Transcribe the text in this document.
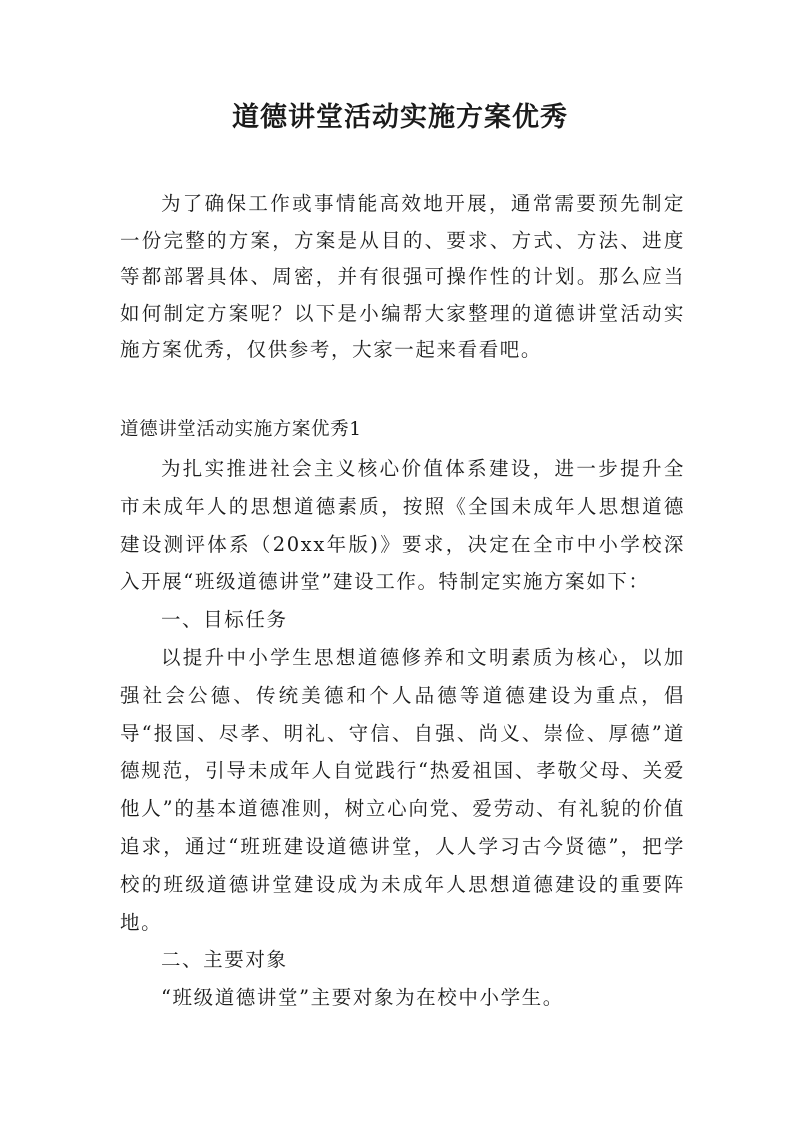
道德讲堂活动实施方案优秀

为了确保工作或事情能高效地开展，通常需要预先制定一份完整的方案，方案是从目的、要求、方式、方法、进度等都部署具体、周密，并有很强可操作性的计划。那么应当如何制定方案呢？以下是小编帮大家整理的道德讲堂活动实施方案优秀，仅供参考，大家一起来看看吧。

道德讲堂活动实施方案优秀1

为扎实推进社会主义核心价值体系建设，进一步提升全市未成年人的思想道德素质，按照《全国未成年人思想道德建设测评体系（20xx年版)》要求，决定在全市中小学校深入开展“班级道德讲堂”建设工作。特制定实施方案如下：

一、目标任务

以提升中小学生思想道德修养和文明素质为核心，以加强社会公德、传统美德和个人品德等道德建设为重点，倡导“报国、尽孝、明礼、守信、自强、尚义、崇俭、厚德”道德规范，引导未成年人自觉践行“热爱祖国、孝敬父母、关爱他人”的基本道德准则，树立心向党、爱劳动、有礼貌的价值追求，通过“班班建设道德讲堂，人人学习古今贤德”，把学校的班级道德讲堂建设成为未成年人思想道德建设的重要阵地。

二、主要对象

“班级道德讲堂”主要对象为在校中小学生。
